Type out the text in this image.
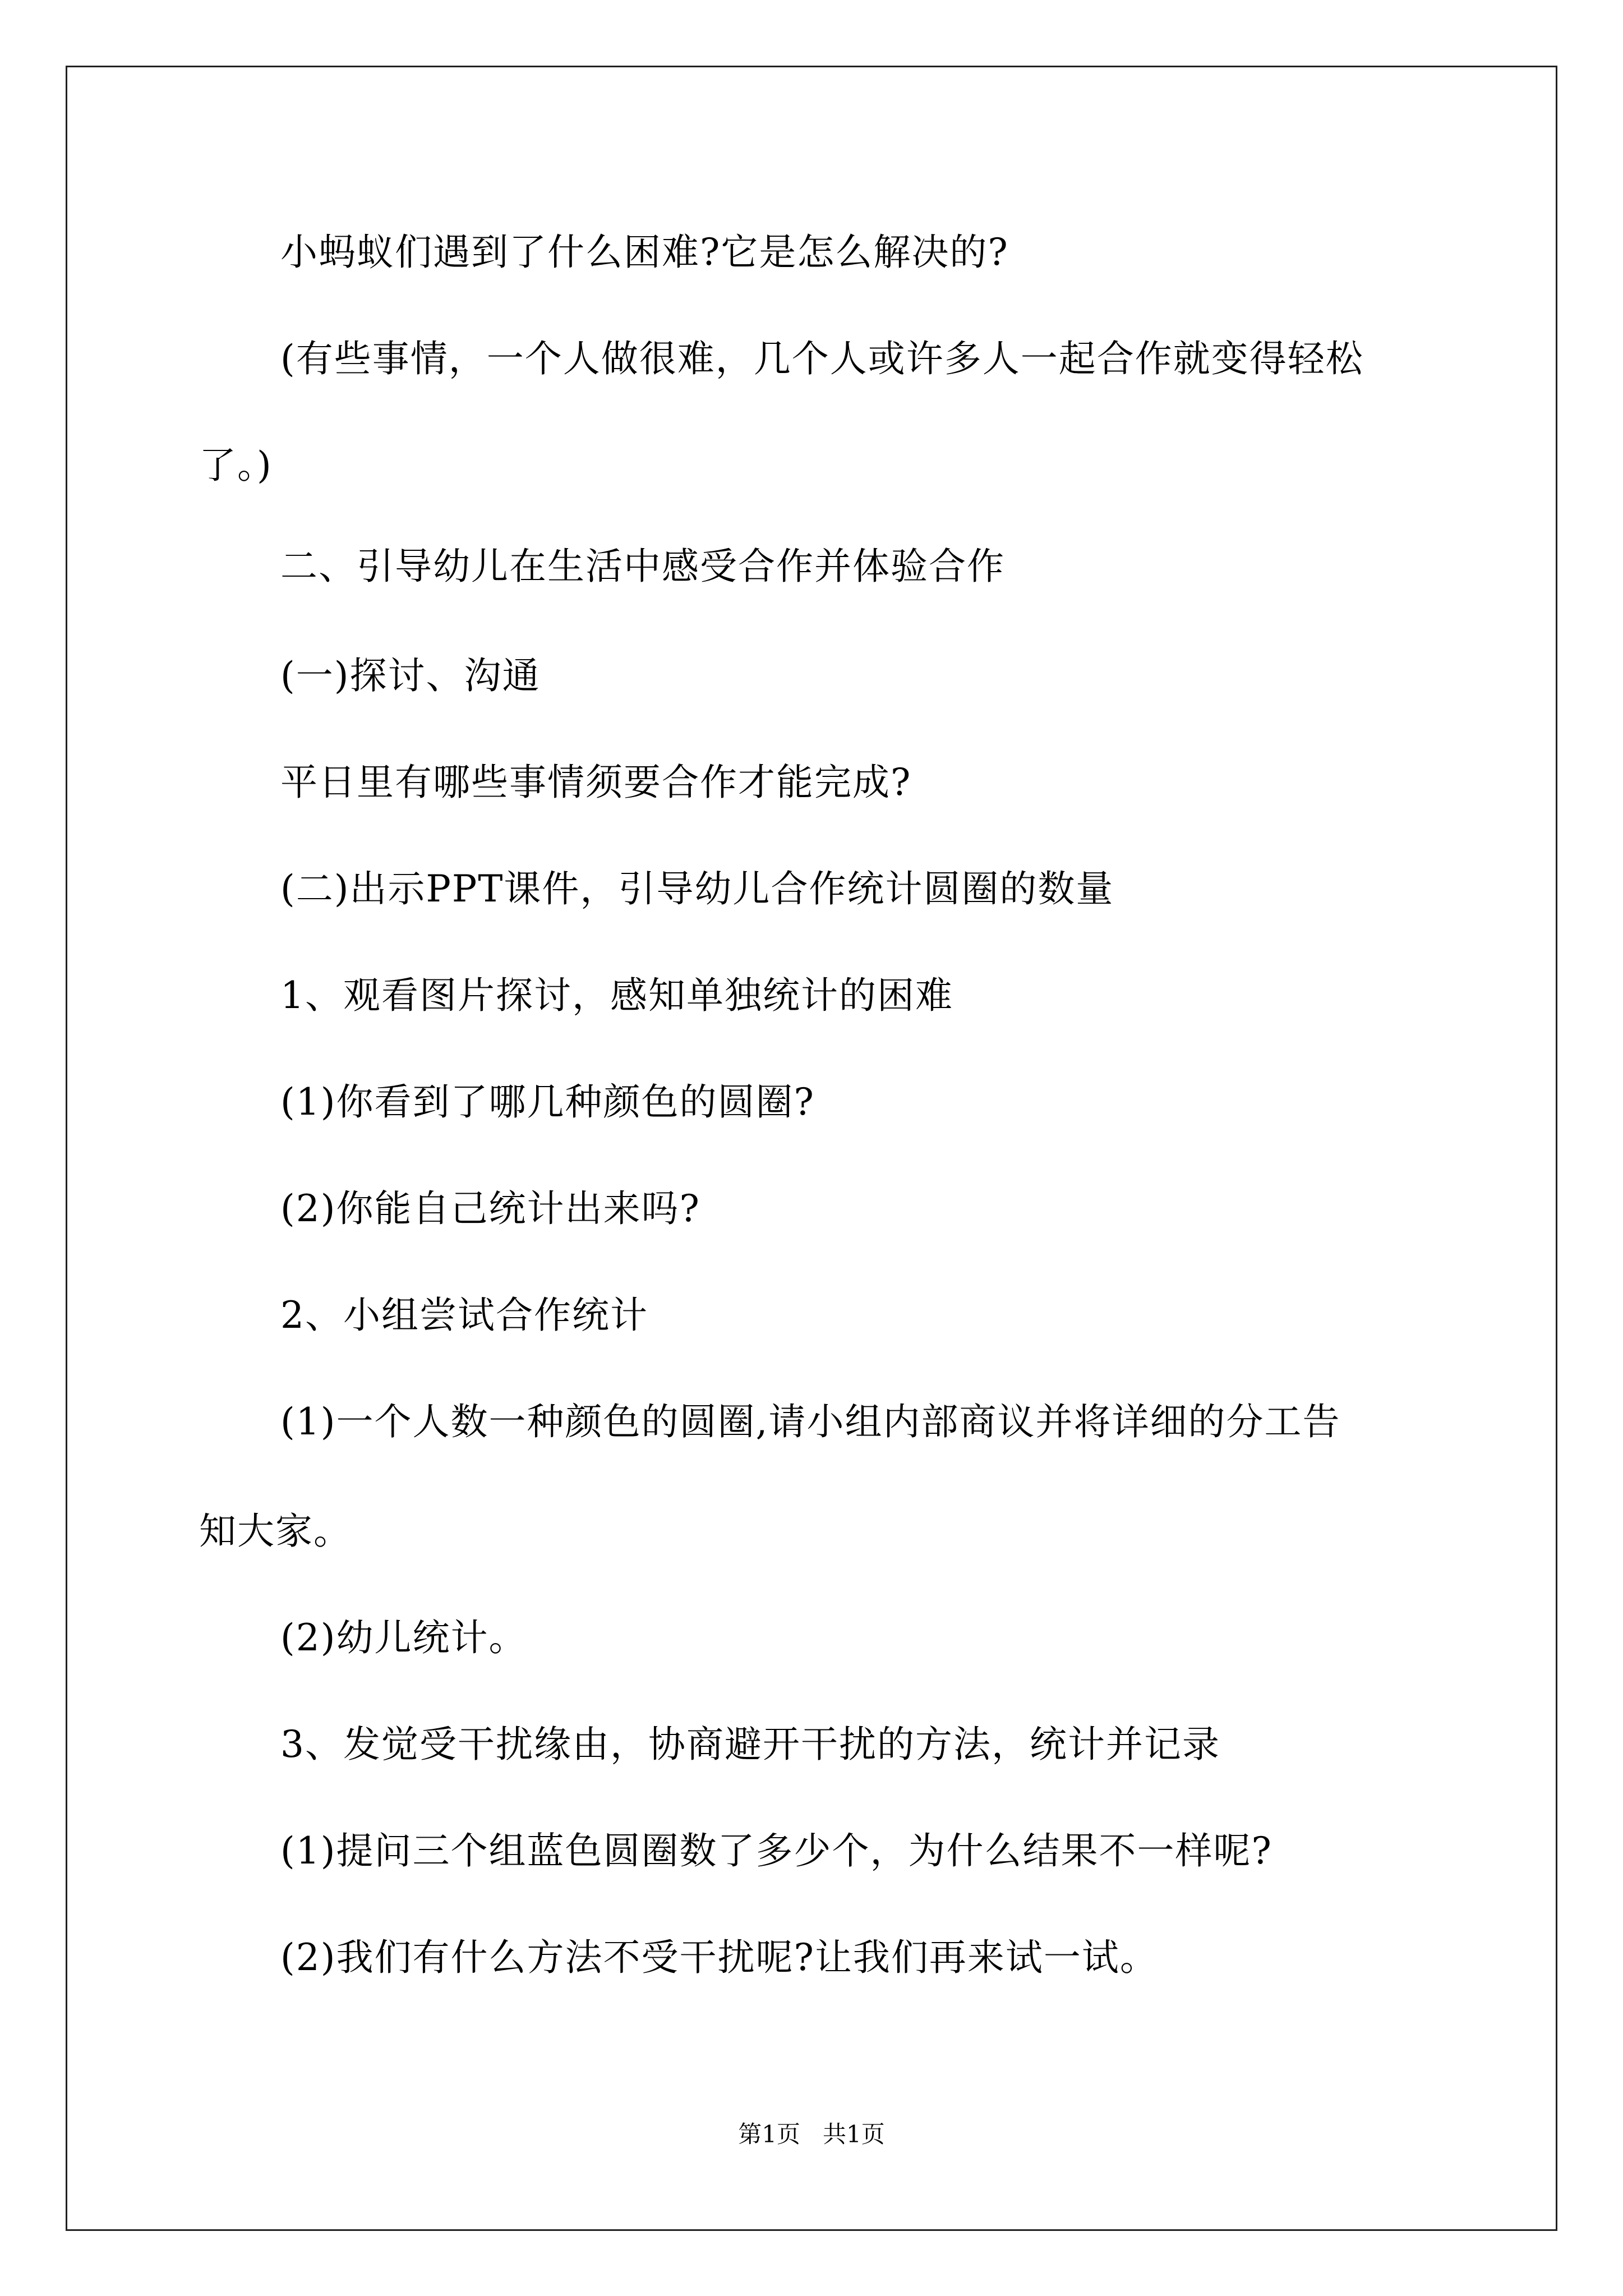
小蚂蚁们遇到了什么困难?它是怎么解决的?
(有些事情，一个人做很难，几个人或许多人一起合作就变得轻松
了。)
二、引导幼儿在生活中感受合作并体验合作
(一)探讨、沟通
平日里有哪些事情须要合作才能完成?
(二)出示PPT课件，引导幼儿合作统计圆圈的数量
1、观看图片探讨，感知单独统计的困难
(1)你看到了哪几种颜色的圆圈?
(2)你能自己统计出来吗?
2、小组尝试合作统计
(1)一个人数一种颜色的圆圈,请小组内部商议并将详细的分工告
知大家。
(2)幼儿统计。
3、发觉受干扰缘由，协商避开干扰的方法，统计并记录
(1)提问三个组蓝色圆圈数了多少个，为什么结果不一样呢?
(2)我们有什么方法不受干扰呢?让我们再来试一试。
第1页   共1页
